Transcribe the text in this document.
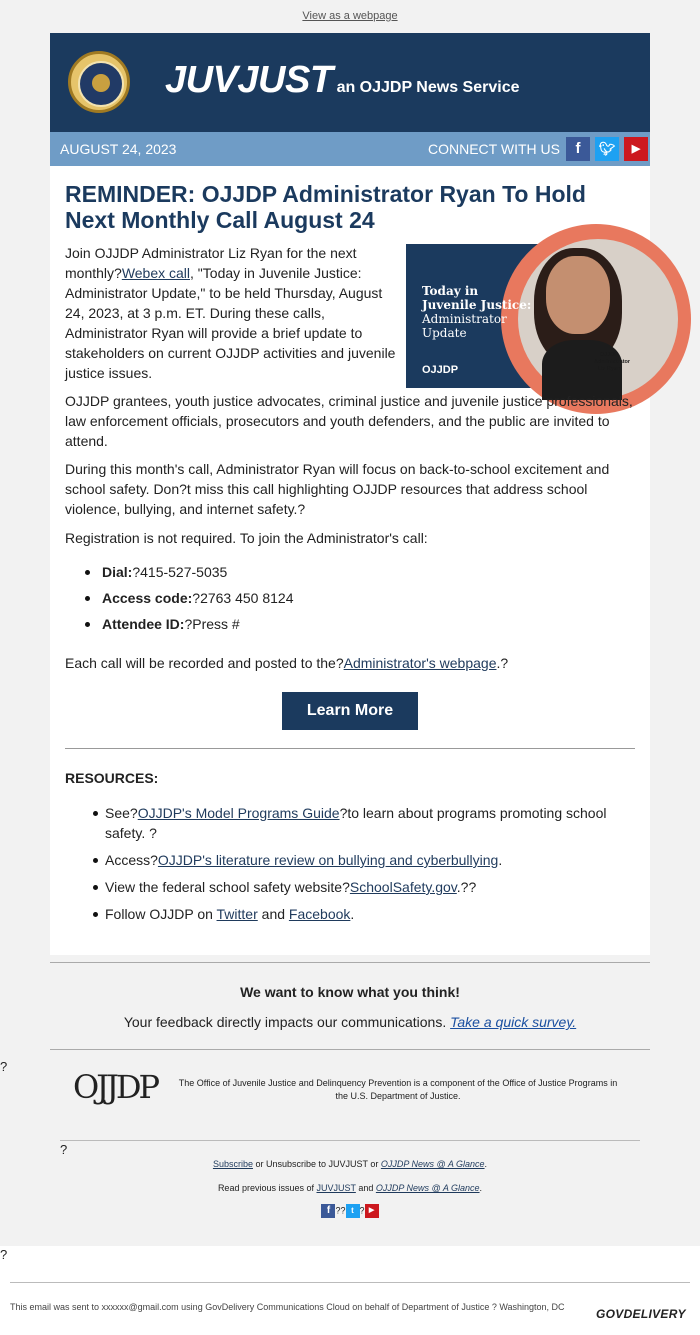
View as a webpage
JUVJUST an OJJDP News Service
AUGUST 24, 2023	CONNECT WITH US	f	🐦︎	▶
REMINDER: OJJDP Administrator Ryan To Hold Next Monthly Call August 24
Join OJJDP Administrator Liz Ryan for the next monthly?Webex call, "Today in Juvenile Justice: Administrator Update," to be held Thursday, August 24, 2023, at 3 p.m. ET. During these calls, Administrator Ryan will provide a brief update to stakeholders on current OJJDP activities and juvenile justice issues.
Today in
Juvenile Justice:
Administrator
Update
OJJDP
OJJDP
Administrator
Liz Ryan
OJJDP grantees, youth justice advocates, criminal justice and juvenile justice professionals, law enforcement officials, prosecutors and youth defenders, and the public are invited to attend.
During this month's call, Administrator Ryan will focus on back-to-school excitement and school safety. Don?t miss this call highlighting OJJDP resources that address school violence, bullying, and internet safety.?
Registration is not required. To join the Administrator's call:
Dial:?415-527-5035
Access code:?2763 450 8124
Attendee ID:?Press #
Each call will be recorded and posted to the?Administrator's webpage.?
Learn More
RESOURCES:
See?OJJDP's Model Programs Guide?to learn about programs promoting school safety. ?
Access?OJJDP's literature review on bullying and cyberbullying.
View the federal school safety website?SchoolSafety.gov.??
Follow OJJDP on Twitter and Facebook.
We want to know what you think!
Your feedback directly impacts our communications. Take a quick survey.
?
OJJDP The Office of Juvenile Justice and Delinquency Prevention is a component of the Office of Justice Programs in the U.S. Department of Justice.
?
Subscribe or Unsubscribe to JUVJUST or OJJDP News @ A Glance.
Read previous issues of JUVJUST and OJJDP News @ A Glance.
f ?? t ? ▶
?
This email was sent to xxxxxx@gmail.com using GovDelivery Communications Cloud on behalf of Department of Justice ? Washington, DC	GOVDELIVERY
